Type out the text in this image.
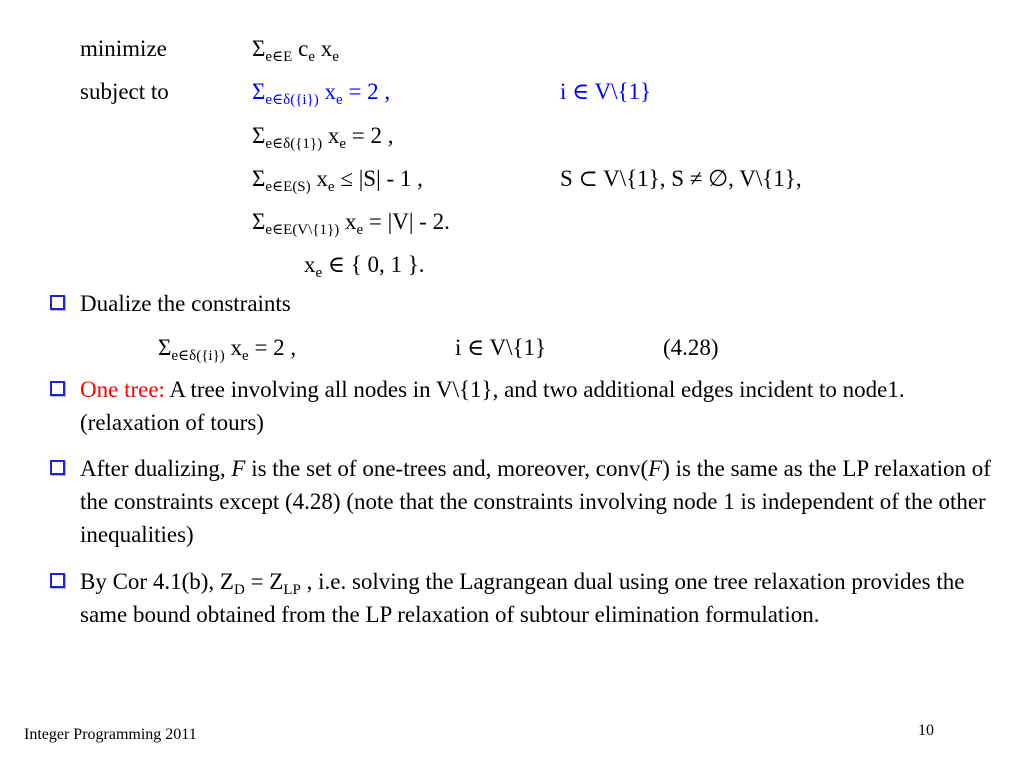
minimize	$\Sigma_{e\in E}$ $c_e$ $x_e$
subject to	$\Sigma_{e\in\delta(\{i\})}$ $x_e = 2$ ,	i ∈ V\{1}
$\Sigma_{e\in\delta(\{1\})}$ $x_e = 2$ ,
$\Sigma_{e\in E(S)}$ $x_e \le |S| - 1$ ,	S ⊂ V\{1}, S ≠ ∅, V\{1},
$\Sigma_{e\in E(V\backslash\{1\})}$ $x_e = |V| - 2$.
$x_e$ ∈ { 0, 1 }.
Dualize the constraints
$\Sigma_{e\in\delta(\{i\})}$ $x_e = 2$ ,	i ∈ V\{1}	(4.28)
One tree: A tree involving all nodes in V\{1}, and two additional edges incident to node1. (relaxation of tours)
After dualizing, F is the set of one-trees and, moreover, conv(F) is the same as the LP relaxation of the constraints except (4.28) (note that the constraints involving node 1 is independent of the other inequalities)
By Cor 4.1(b), $Z_D = Z_{LP}$ , i.e. solving the Lagrangean dual using one tree relaxation provides the same bound obtained from the LP relaxation of subtour elimination formulation.
Integer Programming 2011	10
